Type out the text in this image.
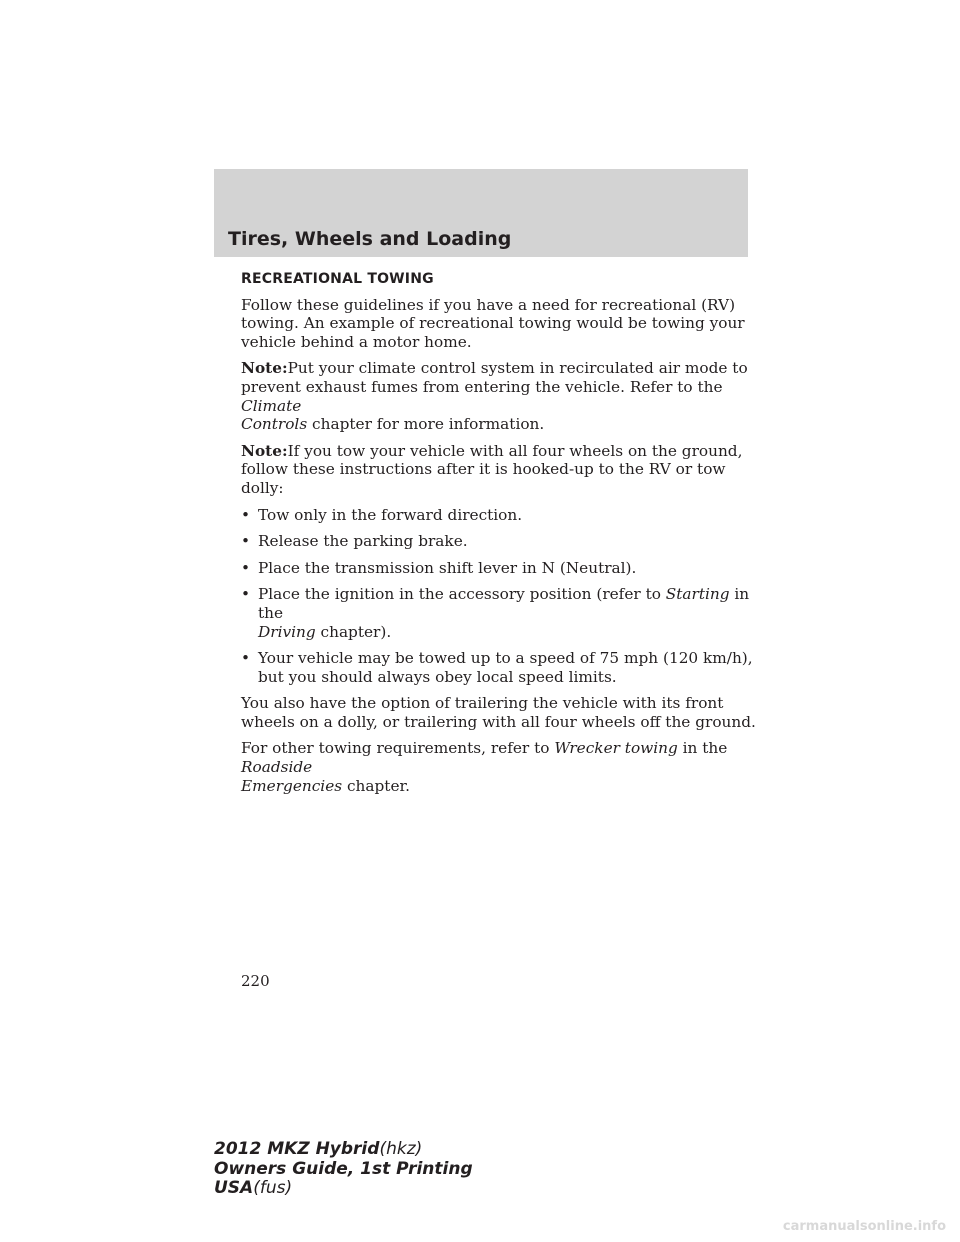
Tires, Wheels and Loading
RECREATIONAL TOWING

Follow these guidelines if you have a need for recreational (RV) towing. An example of recreational towing would be towing your vehicle behind a motor home.

Note:Put your climate control system in recirculated air mode to prevent exhaust fumes from entering the vehicle. Refer to the Climate
Controls chapter for more information.

Note:If you tow your vehicle with all four wheels on the ground, follow these instructions after it is hooked-up to the RV or tow dolly:

• Tow only in the forward direction.
• Release the parking brake.
• Place the transmission shift lever in N (Neutral).
• Place the ignition in the accessory position (refer to Starting in the
Driving chapter).
• Your vehicle may be towed up to a speed of 75 mph (120 km/h), but you should always obey local speed limits.

You also have the option of trailering the vehicle with its front wheels on a dolly, or trailering with all four wheels off the ground.

For other towing requirements, refer to Wrecker towing in the Roadside
Emergencies chapter.

220

2012 MKZ Hybrid(hkz)
Owners Guide, 1st Printing
USA(fus)
carmanualsonline.info
